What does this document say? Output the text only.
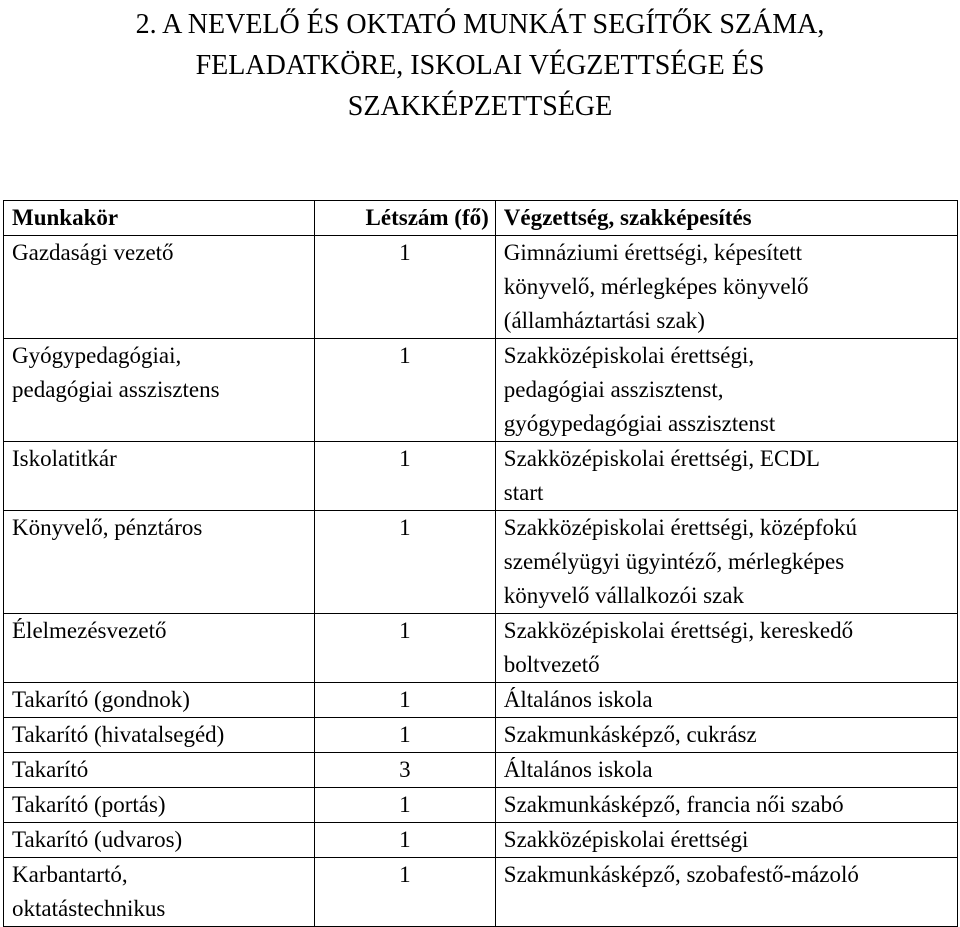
2. A NEVELŐ ÉS OKTATÓ MUNKÁT SEGÍTŐK SZÁMA,
FELADATKÖRE, ISKOLAI VÉGZETTSÉGE ÉS
SZAKKÉPZETTSÉGE
Munkakör	Létszám (fő)	Végzettség, szakképesítés

Gazdasági vezető	1	Gimnáziumi érettségi, képesített
könyvelő, mérlegképes könyvelő
(államháztartási szak)

Gyógypedagógiai,
pedagógiai asszisztens	1	Szakközépiskolai érettségi,
pedagógiai asszisztenst,
gyógypedagógiai asszisztenst

Iskolatitkár	1	Szakközépiskolai érettségi, ECDL
start

Könyvelő, pénztáros	1	Szakközépiskolai érettségi, középfokú
személyügyi ügyintéző, mérlegképes
könyvelő vállalkozói szak

Élelmezésvezető	1	Szakközépiskolai érettségi, kereskedő
boltvezető

Takarító (gondnok)	1	Általános iskola

Takarító (hivatalsegéd)	1	Szakmunkásképző, cukrász

Takarító	3	Általános iskola

Takarító (portás)	1	Szakmunkásképző, francia női szabó

Takarító (udvaros)	1	Szakközépiskolai érettségi

Karbantartó,
oktatástechnikus	1	Szakmunkásképző, szobafestő-mázoló
